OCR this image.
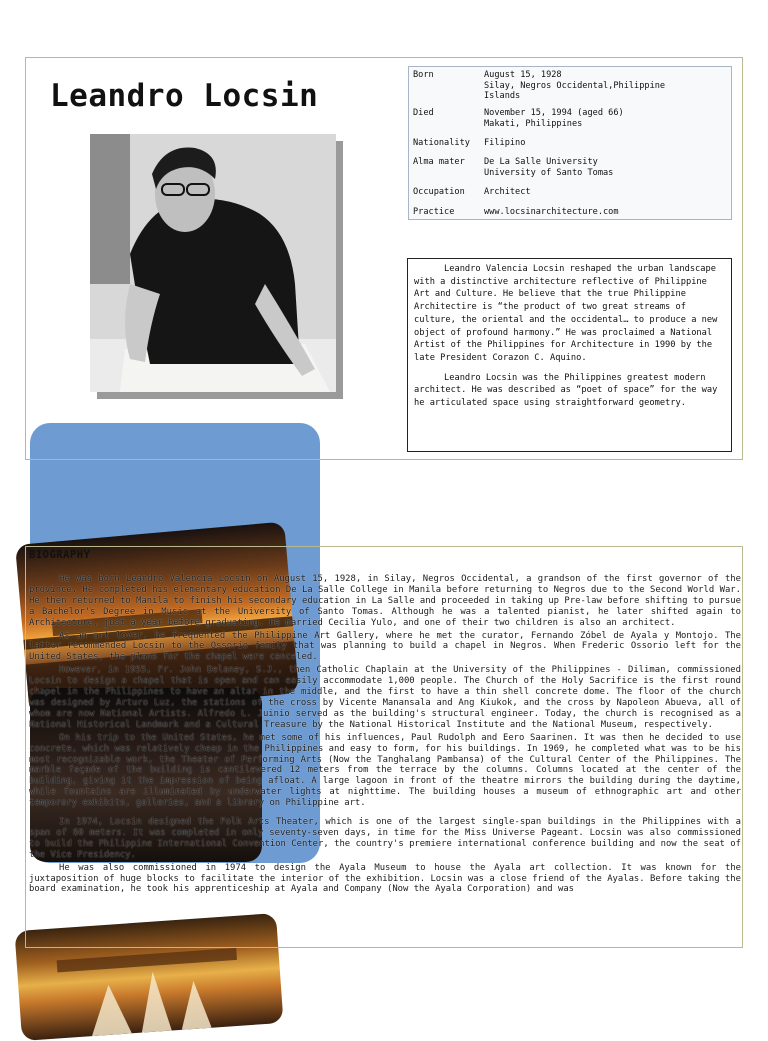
Leandro Locsin
Born	August 15, 1928
Silay, Negros Occidental,Philippine
Islands
Died	November 15, 1994 (aged 66)
Makati, Philippines
Nationality	Filipino
Alma mater	De La Salle University
University of Santo Tomas
Occupation	Architect
Practice	www.locsinarchitecture.com

Leandro Valencia Locsin reshaped the urban landscape with a distinctive architecture reflective of Philippine Art and Culture. He believe that the true Philippine Architectire is “the product of two great streams of culture, the oriental and the occidental… to produce a new object of profound harmony.” He was proclaimed a National Artist of the Philippines for Architecture in 1990 by the late President Corazon C. Aquino.

Leandro Locsin was the Philippines greatest modern architect. He was described as “poet of space” for the way he articulated space using straightforward geometry.

BIOGRAPHY

He was born Leandro Valencia Locsin on August 15, 1928, in Silay, Negros Occidental, a grandson of the first governor of the province. He completed his elementary education De La Salle College in Manila before returning to Negros due to the Second World War. He then returned to Manila to finish his secondary education in La Salle and proceeded in taking up Pre-law before shifting to pursue a Bachelor's Degree in Music at the University of Santo Tomas. Although he was a talented pianist, he later shifted again to Architecture, just a year before graduating. He married Cecilia Yulo, and one of their two children is also an architect.

As an art lover, he frequented the Philippine Art Gallery, where he met the curator, Fernando Zóbel de Ayala y Montojo. The latter recommended Locsin to the Ossorio family that was planning to build a chapel in Negros. When Frederic Ossorio left for the United States, the plans for the chapel were canceled.

However, in 1955, Fr. John Delaney, S.J., then Catholic Chaplain at the University of the Philippines - Diliman, commissioned Locsin to design a chapel that is open and can easily accommodate 1,000 people. The Church of the Holy Sacrifice is the first round chapel in the Philippines to have an altar in the middle, and the first to have a thin shell concrete dome. The floor of the church was designed by Arturo Luz, the stations of the cross by Vicente Manansala and Ang Kiukok, and the cross by Napoleon Abueva, all of whom are now National Artists. Alfredo L. Juinio served as the building's structural engineer. Today, the church is recognised as a National Historical Landmark and a Cultural Treasure by the National Historical Institute and the National Museum, respectively.

On his trip to the United States, he met some of his influences, Paul Rudolph and Eero Saarinen. It was then he decided to use concrete, which was relatively cheap in the Philippines and easy to form, for his buildings. In 1969, he completed what was to be his most recognizable work, the Theater of Performing Arts (Now the Tanghalang Pambansa) of the Cultural Center of the Philippines. The marble façade of the building is cantilevered 12 meters from the terrace by the columns. Columns located at the center of the building, giving it the impression of being afloat. A large lagoon in front of the theatre mirrors the building during the daytime, while fountains are illuminated by underwater lights at nighttime. The building houses a museum of ethnographic art and other temporary exhibits, galleries, and a library on Philippine art.

In 1974, Locsin designed the Folk Arts Theater, which is one of the largest single-span buildings in the Philippines with a span of 60 meters. It was completed in only seventy-seven days, in time for the Miss Universe Pageant. Locsin was also commissioned to build the Philippine International Convention Center, the country's premiere international conference building and now the seat of the Vice Presidency.

He was also commissioned in 1974 to design the Ayala Museum to house the Ayala art collection. It was known for the juxtaposition of huge blocks to facilitate the interior of the exhibition. Locsin was a close friend of the Ayalas. Before taking the board examination, he took his apprenticeship at Ayala and Company (Now the Ayala Corporation) and was
